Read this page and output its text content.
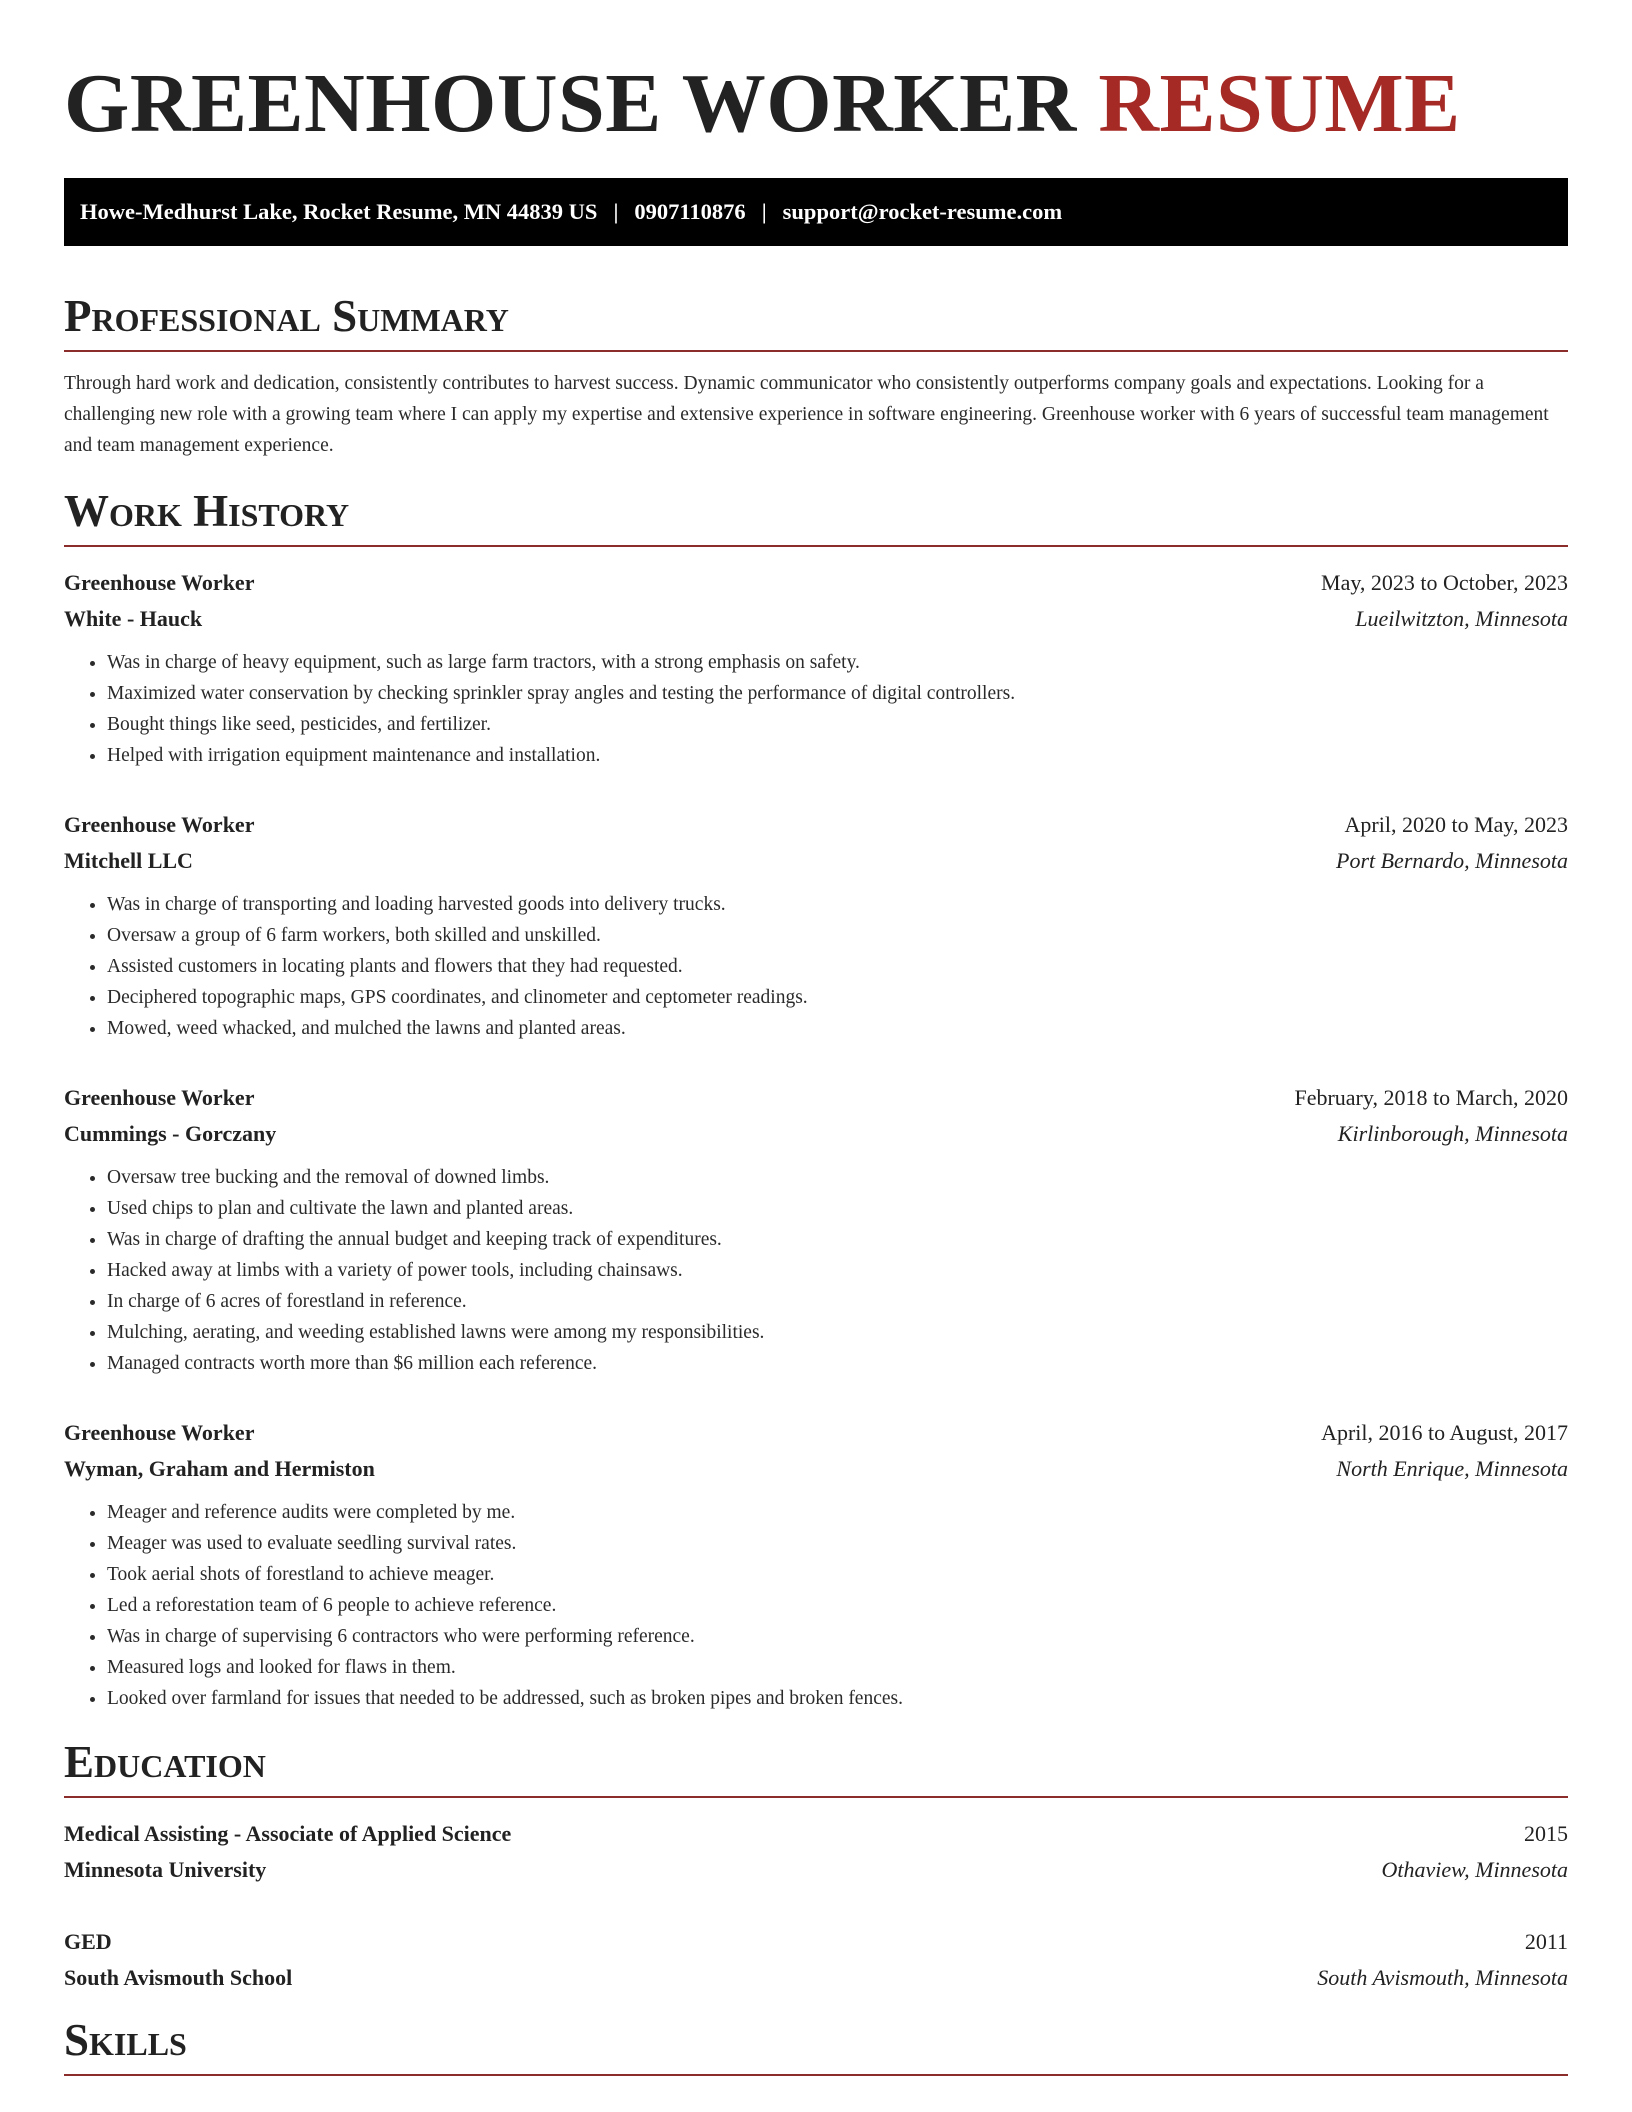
GREENHOUSE WORKER RESUME
Howe-Medhurst Lake, Rocket Resume, MN 44839 US | 0907110876 | support@rocket-resume.com
Professional Summary

Through hard work and dedication, consistently contributes to harvest success. Dynamic communicator who consistently outperforms company goals and expectations. Looking for a challenging new role with a growing team where I can apply my expertise and extensive experience in software engineering. Greenhouse worker with 6 years of successful team management and team management experience.

Work History
Greenhouse Worker	May, 2023 to October, 2023
White - Hauck	Lueilwitzton, Minnesota
• Was in charge of heavy equipment, such as large farm tractors, with a strong emphasis on safety.
• Maximized water conservation by checking sprinkler spray angles and testing the performance of digital controllers.
• Bought things like seed, pesticides, and fertilizer.
• Helped with irrigation equipment maintenance and installation.
Greenhouse Worker	April, 2020 to May, 2023
Mitchell LLC	Port Bernardo, Minnesota
• Was in charge of transporting and loading harvested goods into delivery trucks.
• Oversaw a group of 6 farm workers, both skilled and unskilled.
• Assisted customers in locating plants and flowers that they had requested.
• Deciphered topographic maps, GPS coordinates, and clinometer and ceptometer readings.
• Mowed, weed whacked, and mulched the lawns and planted areas.
Greenhouse Worker	February, 2018 to March, 2020
Cummings - Gorczany	Kirlinborough, Minnesota
• Oversaw tree bucking and the removal of downed limbs.
• Used chips to plan and cultivate the lawn and planted areas.
• Was in charge of drafting the annual budget and keeping track of expenditures.
• Hacked away at limbs with a variety of power tools, including chainsaws.
• In charge of 6 acres of forestland in reference.
• Mulching, aerating, and weeding established lawns were among my responsibilities.
• Managed contracts worth more than $6 million each reference.
Greenhouse Worker	April, 2016 to August, 2017
Wyman, Graham and Hermiston	North Enrique, Minnesota
• Meager and reference audits were completed by me.
• Meager was used to evaluate seedling survival rates.
• Took aerial shots of forestland to achieve meager.
• Led a reforestation team of 6 people to achieve reference.
• Was in charge of supervising 6 contractors who were performing reference.
• Measured logs and looked for flaws in them.
• Looked over farmland for issues that needed to be addressed, such as broken pipes and broken fences.
Education
Medical Assisting - Associate of Applied Science	2015
Minnesota University	Othaview, Minnesota
GED	2011
South Avismouth School	South Avismouth, Minnesota
Skills
